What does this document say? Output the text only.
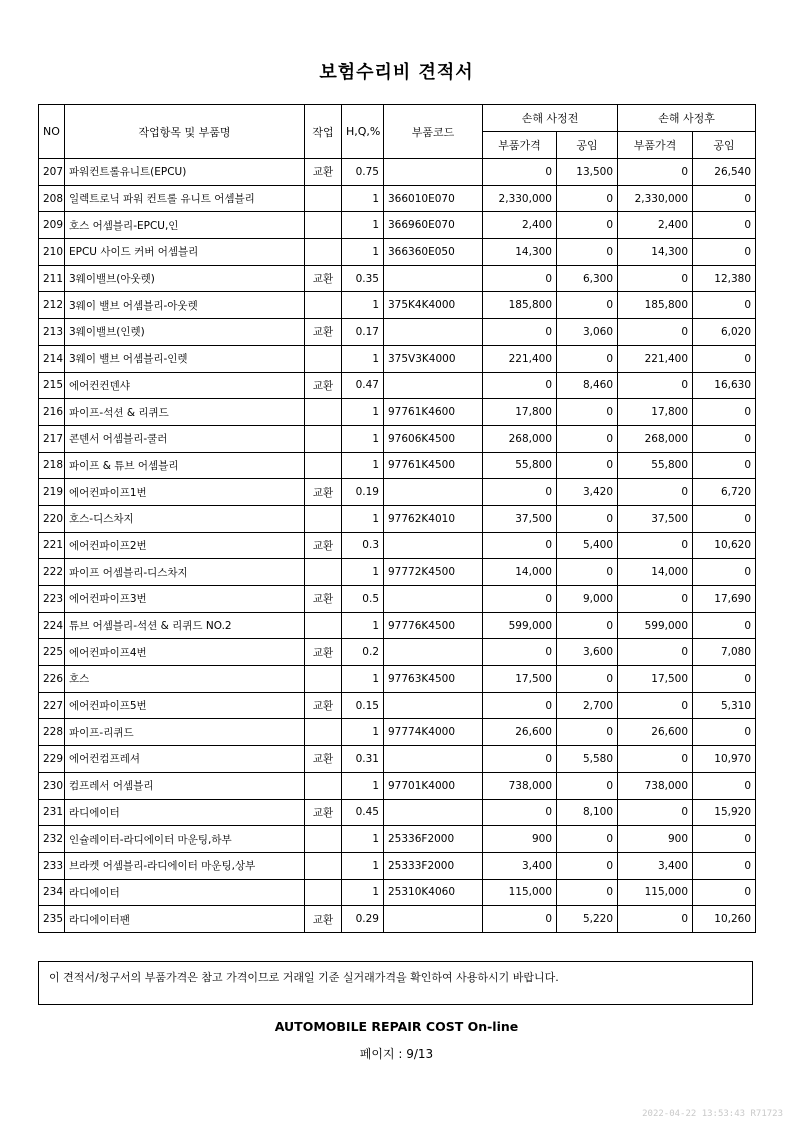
보험수리비 견적서
NO	작업항목 및 부품명	작업	H,Q,%	부품코드	손해 사정전		손해 사정후	
					부품가격	공임	부품가격	공임
207	파워컨트롤유니트(EPCU)	교환	0.75		0	13,500	0	26,540
208	일렉트로닉 파워 컨트롤 유니트 어셈블리		1	366010E070	2,330,000	0	2,330,000	0
209	호스 어셈블리-EPCU,인		1	366960E070	2,400	0	2,400	0
210	EPCU 사이드 커버 어셈블리		1	366360E050	14,300	0	14,300	0
211	3웨이밸브(아웃렛)	교환	0.35		0	6,300	0	12,380
212	3웨이 밸브 어셈블리-아웃렛		1	375K4K4000	185,800	0	185,800	0
213	3웨이밸브(인렛)	교환	0.17		0	3,060	0	6,020
214	3웨이 밸브 어셈블리-인렛		1	375V3K4000	221,400	0	221,400	0
215	에어컨컨덴샤	교환	0.47		0	8,460	0	16,630
216	파이프-석션 & 리퀴드		1	97761K4600	17,800	0	17,800	0
217	콘덴서 어셈블리-쿨러		1	97606K4500	268,000	0	268,000	0
218	파이프 & 튜브 어셈블리		1	97761K4500	55,800	0	55,800	0
219	에어컨파이프1번	교환	0.19		0	3,420	0	6,720
220	호스-디스차지		1	97762K4010	37,500	0	37,500	0
221	에어컨파이프2번	교환	0.3		0	5,400	0	10,620
222	파이프 어셈블리-디스차지		1	97772K4500	14,000	0	14,000	0
223	에어컨파이프3번	교환	0.5		0	9,000	0	17,690
224	튜브 어셈블리-석션 & 리퀴드 NO.2		1	97776K4500	599,000	0	599,000	0
225	에어컨파이프4번	교환	0.2		0	3,600	0	7,080
226	호스		1	97763K4500	17,500	0	17,500	0
227	에어컨파이프5번	교환	0.15		0	2,700	0	5,310
228	파이프-리퀴드		1	97774K4000	26,600	0	26,600	0
229	에어컨컴프레셔	교환	0.31		0	5,580	0	10,970
230	컴프레서 어셈블리		1	97701K4000	738,000	0	738,000	0
231	라디에이터	교환	0.45		0	8,100	0	15,920
232	인슐레이터-라디에이터 마운팅,하부		1	25336F2000	900	0	900	0
233	브라켓 어셈블리-라디에이터 마운팅,상부		1	25333F2000	3,400	0	3,400	0
234	라디에이터		1	25310K4060	115,000	0	115,000	0
235	라디에이터팬	교환	0.29		0	5,220	0	10,260
이 견적서/청구서의 부품가격은 참고 가격이므로 거래일 기준 실거래가격을 확인하여 사용하시기 바랍니다.
AUTOMOBILE REPAIR COST On-line
페이지 : 9/13
2022-04-22 13:53:43 R71723
